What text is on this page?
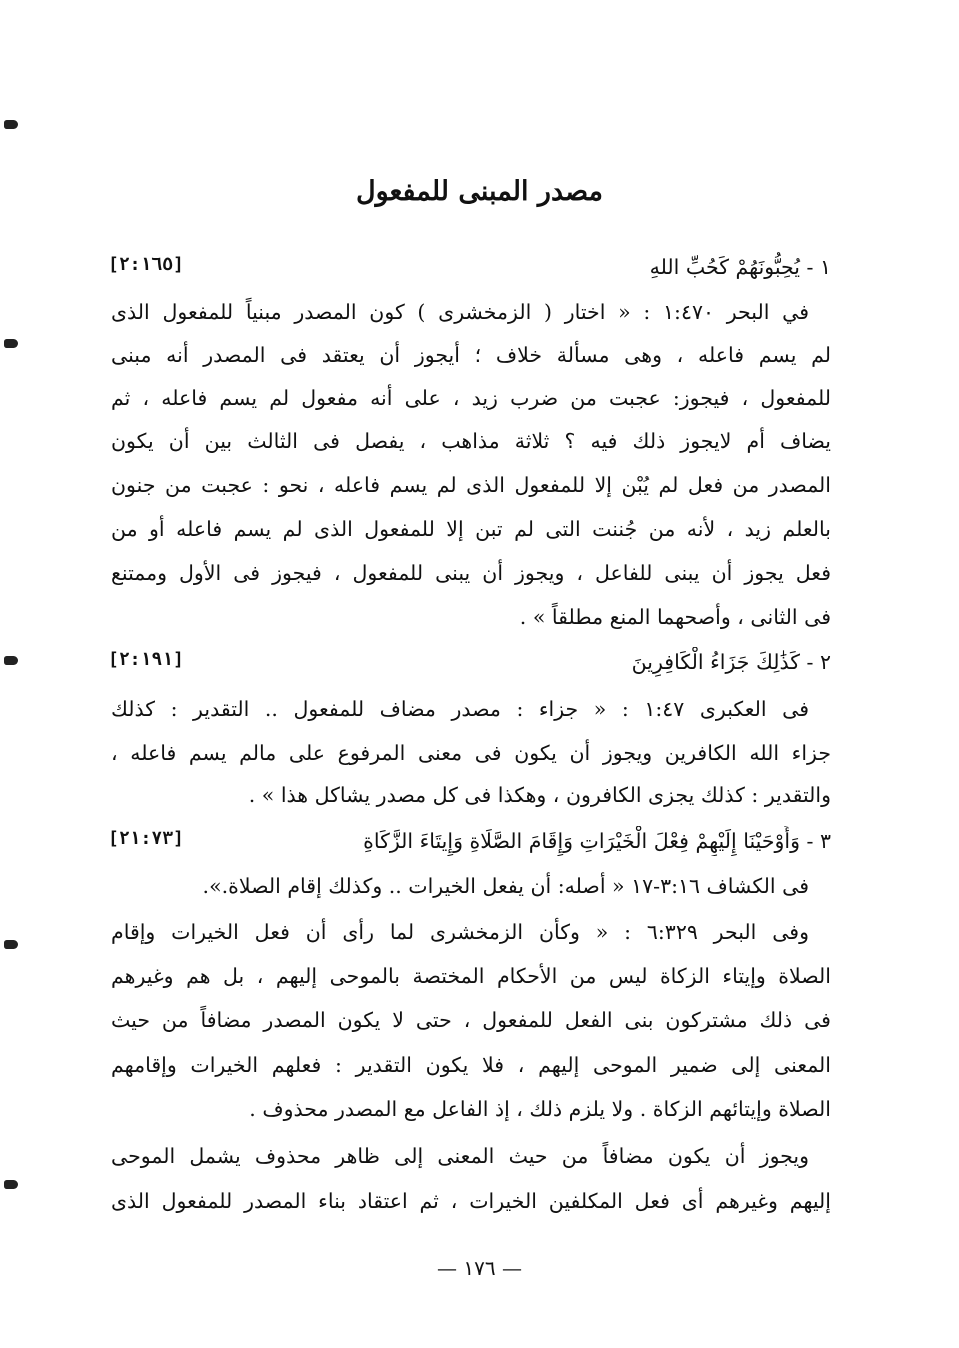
مصدر المبنى للمفعول

١ - يُحِبُّونَهُمْ كَحُبِّ اللهِ

[٢:١٦٥]

في البحر ١:٤٧٠ : « اختار ( الزمخشرى ) كون المصدر مبنياً للمفعول الذى

لم يسم فاعله ، وهى مسألة خلاف ؛ أيجوز أن يعتقد فى المصدر أنه مبنى

للمفعول ، فيجوز: عجبت من ضرب زيد ، على أنه مفعول لم يسم فاعله ، ثم

يضاف أم لايجوز ذلك فيه ؟ ثلاثة مذاهب ، يفصل فى الثالث بين أن يكون

المصدر من فعل لم يُبْن إلا للمفعول الذى لم يسم فاعله ، نحو : عجبت من جنون

بالعلم زيد ، لأنه من جُننت التى لم تبن إلا للمفعول الذى لم يسم فاعله أو من

فعل يجوز أن يبنى للفاعل ، ويجوز أن يبنى للمفعول ، فيجوز فى الأول وممتنع

فى الثانى ، وأصحهما المنع مطلقاً » .

٢ - كَذَٰلِكَ جَزَاءُ الْكَافِرِينَ

[٢:١٩١]

فى العكبرى ١:٤٧ : « جزاء : مصدر مضاف للمفعول .. التقدير : كذلك

جزاء الله الكافرين ويجوز أن يكون فى معنى المرفوع على مالم يسم فاعله ،

والتقدير : كذلك يجزى الكافرون ، وهكذا فى كل مصدر يشاكل هذا » .

٣ - وَأَوْحَيْنَا إِلَيْهِمْ فِعْلَ الْخَيْرَاتِ وَإِقَامَ الصَّلَاةِ وَإِيتَاءَ الزَّكَاةِ

[٢١:٧٣]

فى الكشاف ٣:١٦-١٧ « أصله: أن يفعل الخيرات .. وكذلك إقام الصلاة.».

وفى البحر ٦:٣٢٩ : « وكأن الزمخشرى لما رأى أن فعل الخيرات وإقام

الصلاة وإيتاء الزكاة ليس من الأحكام المختصة بالموحى إليهم ، بل هم وغيرهم

فى ذلك مشتركون بنى الفعل للمفعول ، حتى لا يكون المصدر مضافاً من حيث

المعنى إلى ضمير الموحى إليهم ، فلا يكون التقدير : فعلهم الخيرات وإقامهم

الصلاة وإيتائهم الزكاة . ولا يلزم ذلك ، إذ الفاعل مع المصدر محذوف .

ويجوز أن يكون مضافاً من حيث المعنى إلى ظاهر محذوف يشمل الموحى

إليهم وغيرهم أى فعل المكلفين الخيرات ، ثم اعتقاد بناء المصدر للمفعول الذى

— ١٧٦ —
